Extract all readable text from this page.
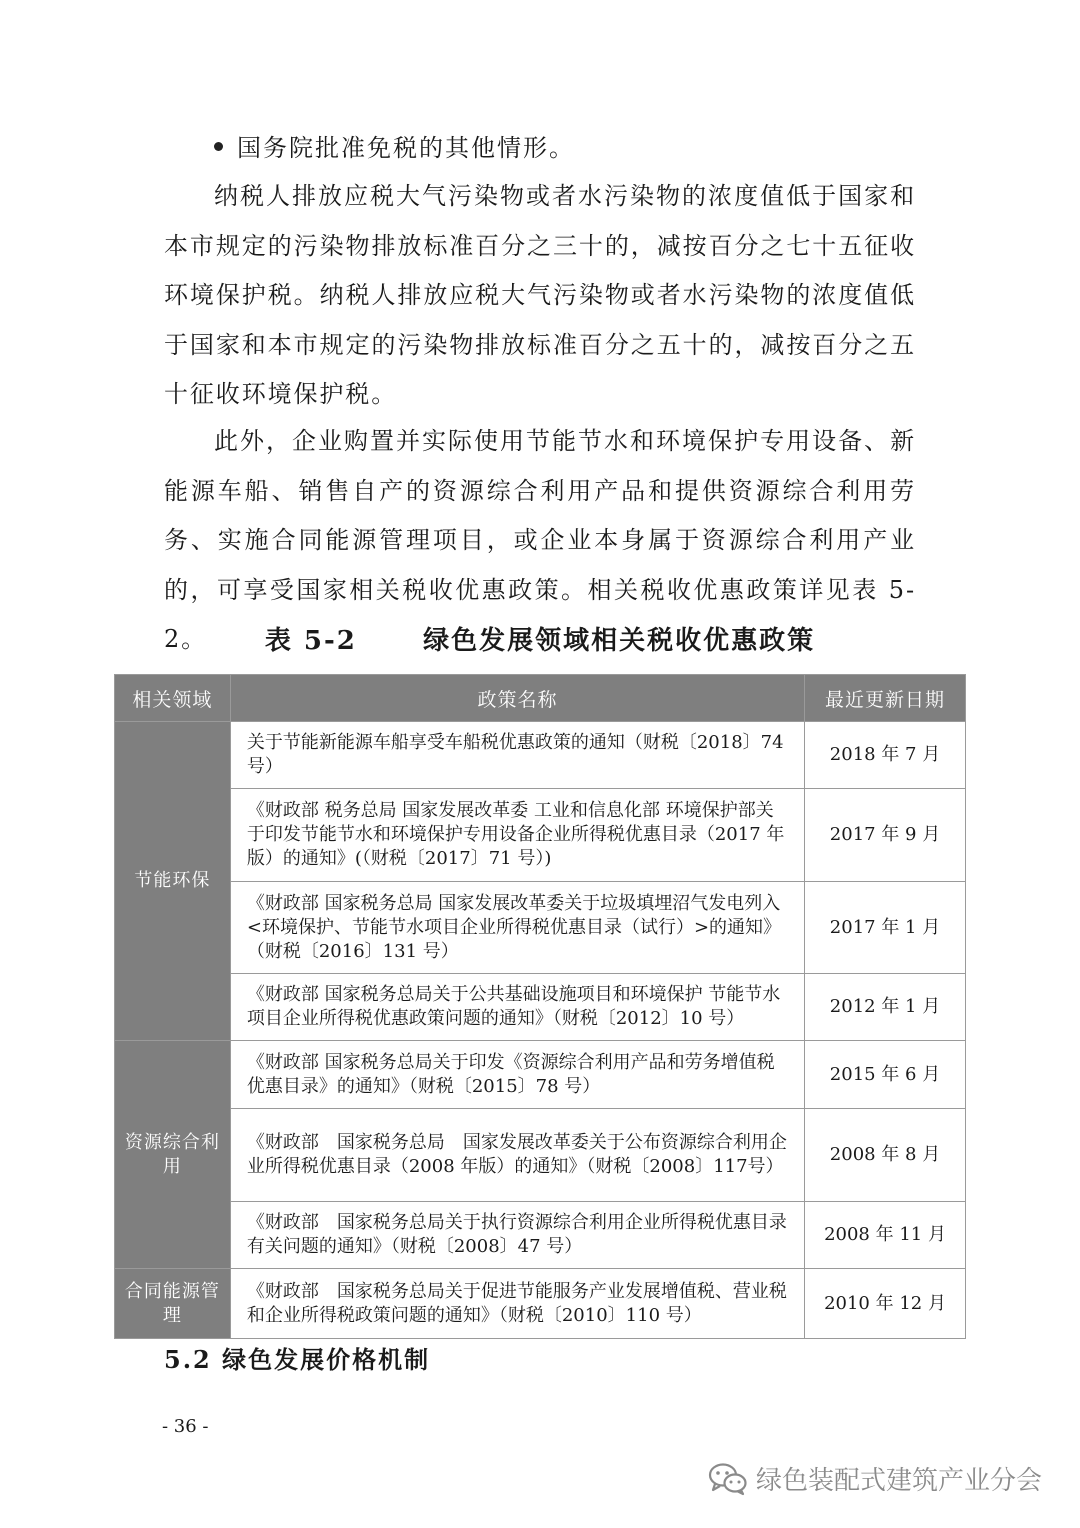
国务院批准免税的其他情形。

纳税人排放应税大气污染物或者水污染物的浓度值低于国家和本市规定的污染物排放标准百分之三十的，减按百分之七十五征收环境保护税。纳税人排放应税大气污染物或者水污染物的浓度值低于国家和本市规定的污染物排放标准百分之五十的，减按百分之五十征收环境保护税。

此外，企业购置并实际使用节能节水和环境保护专用设备、新能源车船、销售自产的资源综合利用产品和提供资源综合利用劳务、实施合同能源管理项目，或企业本身属于资源综合利用产业的，可享受国家相关税收优惠政策。相关税收优惠政策详见表 5-2。	表 5-2      绿色发展领域相关税收优惠政策
相关领域	政策名称	最近更新日期
节能环保	关于节能新能源车船享受车船税优惠政策的通知（财税〔2018〕74号）	2018 年 7 月
	《财政部 税务总局 国家发展改革委 工业和信息化部 环境保护部关于印发节能节水和环境保护专用设备企业所得税优惠目录（2017 年版）的通知》(（财税〔2017〕71 号）)	2017 年 9 月
	《财政部 国家税务总局 国家发展改革委关于垃圾填埋沼气发电列入<环境保护、节能节水项目企业所得税优惠目录（试行）>的通知》（财税〔2016〕131 号）	2017 年 1 月
	《财政部 国家税务总局关于公共基础设施项目和环境保护 节能节水项目企业所得税优惠政策问题的通知》（财税〔2012〕10 号）	2012 年 1 月
资源综合利用	《财政部 国家税务总局关于印发《资源综合利用产品和劳务增值税优惠目录》的通知》（财税〔2015〕78 号）	2015 年 6 月
	《财政部　国家税务总局　国家发展改革委关于公布资源综合利用企业所得税优惠目录（2008 年版）的通知》（财税〔2008〕117号）	2008 年 8 月
	《财政部　国家税务总局关于执行资源综合利用企业所得税优惠目录有关问题的通知》（财税〔2008〕47 号）	2008 年 11 月
合同能源管理	《财政部　国家税务总局关于促进节能服务产业发展增值税、营业税和企业所得税政策问题的通知》（财税〔2010〕110 号）	2010 年 12 月
5.2 绿色发展价格机制
- 36 -
绿色装配式建筑产业分会
